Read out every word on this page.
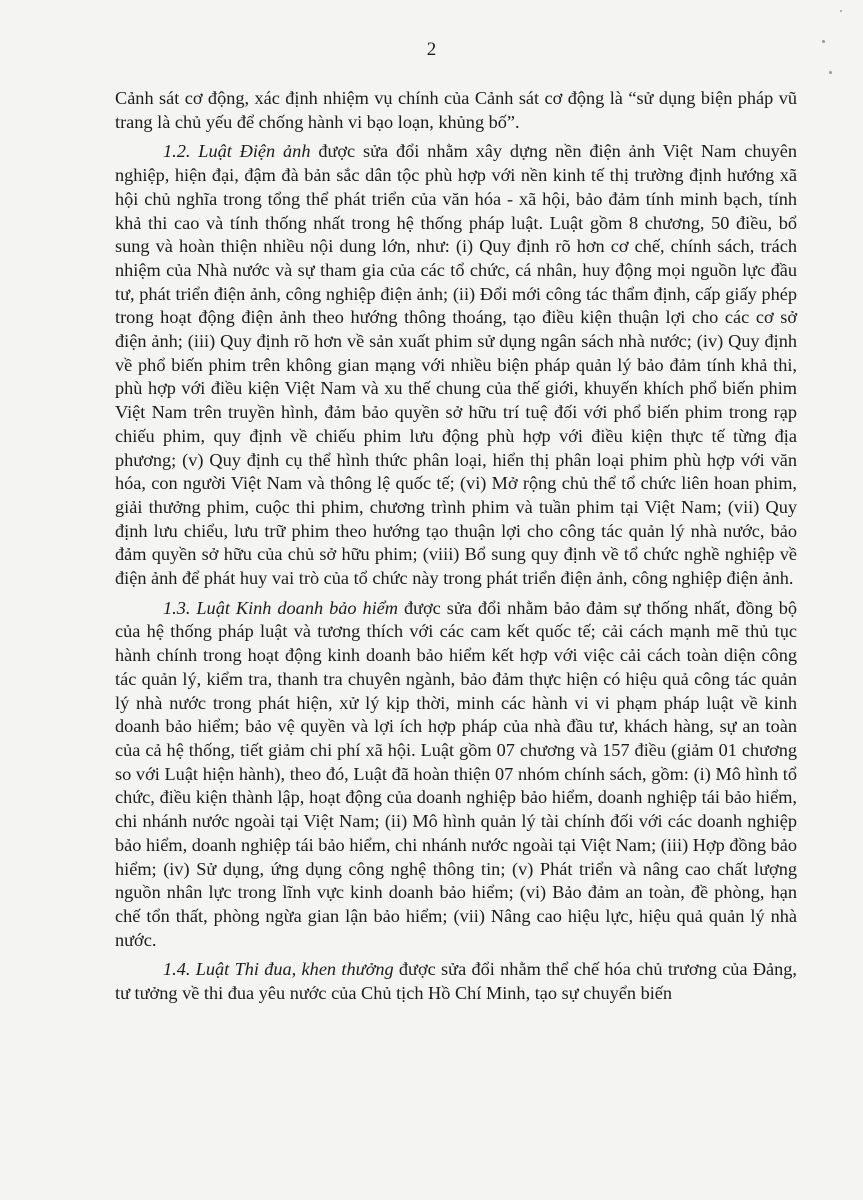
2

Cảnh sát cơ động, xác định nhiệm vụ chính của Cảnh sát cơ động là “sử dụng biện pháp vũ trang là chủ yếu để chống hành vi bạo loạn, khủng bố”.

1.2. Luật Điện ảnh được sửa đổi nhằm xây dựng nền điện ảnh Việt Nam chuyên nghiệp, hiện đại, đậm đà bản sắc dân tộc phù hợp với nền kinh tế thị trường định hướng xã hội chủ nghĩa trong tổng thể phát triển của văn hóa - xã hội, bảo đảm tính minh bạch, tính khả thi cao và tính thống nhất trong hệ thống pháp luật. Luật gồm 8 chương, 50 điều, bổ sung và hoàn thiện nhiều nội dung lớn, như: (i) Quy định rõ hơn cơ chế, chính sách, trách nhiệm của Nhà nước và sự tham gia của các tổ chức, cá nhân, huy động mọi nguồn lực đầu tư, phát triển điện ảnh, công nghiệp điện ảnh; (ii) Đổi mới công tác thẩm định, cấp giấy phép trong hoạt động điện ảnh theo hướng thông thoáng, tạo điều kiện thuận lợi cho các cơ sở điện ảnh; (iii) Quy định rõ hơn về sản xuất phim sử dụng ngân sách nhà nước; (iv) Quy định về phổ biến phim trên không gian mạng với nhiều biện pháp quản lý bảo đảm tính khả thi, phù hợp với điều kiện Việt Nam và xu thế chung của thế giới, khuyến khích phổ biến phim Việt Nam trên truyền hình, đảm bảo quyền sở hữu trí tuệ đối với phổ biến phim trong rạp chiếu phim, quy định về chiếu phim lưu động phù hợp với điều kiện thực tế từng địa phương; (v) Quy định cụ thể hình thức phân loại, hiển thị phân loại phim phù hợp với văn hóa, con người Việt Nam và thông lệ quốc tế; (vi) Mở rộng chủ thể tổ chức liên hoan phim, giải thưởng phim, cuộc thi phim, chương trình phim và tuần phim tại Việt Nam; (vii) Quy định lưu chiểu, lưu trữ phim theo hướng tạo thuận lợi cho công tác quản lý nhà nước, bảo đảm quyền sở hữu của chủ sở hữu phim; (viii) Bổ sung quy định về tổ chức nghề nghiệp về điện ảnh để phát huy vai trò của tổ chức này trong phát triển điện ảnh, công nghiệp điện ảnh.

1.3. Luật Kinh doanh bảo hiểm được sửa đổi nhằm bảo đảm sự thống nhất, đồng bộ của hệ thống pháp luật và tương thích với các cam kết quốc tế; cải cách mạnh mẽ thủ tục hành chính trong hoạt động kinh doanh bảo hiểm kết hợp với việc cải cách toàn diện công tác quản lý, kiểm tra, thanh tra chuyên ngành, bảo đảm thực hiện có hiệu quả công tác quản lý nhà nước trong phát hiện, xử lý kịp thời, minh các hành vi vi phạm pháp luật về kinh doanh bảo hiểm; bảo vệ quyền và lợi ích hợp pháp của nhà đầu tư, khách hàng, sự an toàn của cả hệ thống, tiết giảm chi phí xã hội. Luật gồm 07 chương và 157 điều (giảm 01 chương so với Luật hiện hành), theo đó, Luật đã hoàn thiện 07 nhóm chính sách, gồm: (i) Mô hình tổ chức, điều kiện thành lập, hoạt động của doanh nghiệp bảo hiểm, doanh nghiệp tái bảo hiểm, chi nhánh nước ngoài tại Việt Nam; (ii) Mô hình quản lý tài chính đối với các doanh nghiệp bảo hiểm, doanh nghiệp tái bảo hiểm, chi nhánh nước ngoài tại Việt Nam; (iii) Hợp đồng bảo hiểm; (iv) Sử dụng, ứng dụng công nghệ thông tin; (v) Phát triển và nâng cao chất lượng nguồn nhân lực trong lĩnh vực kinh doanh bảo hiểm; (vi) Bảo đảm an toàn, đề phòng, hạn chế tổn thất, phòng ngừa gian lận bảo hiểm; (vii) Nâng cao hiệu lực, hiệu quả quản lý nhà nước.

1.4. Luật Thi đua, khen thưởng được sửa đổi nhằm thể chế hóa chủ trương của Đảng, tư tưởng về thi đua yêu nước của Chủ tịch Hồ Chí Minh, tạo sự chuyển biến
